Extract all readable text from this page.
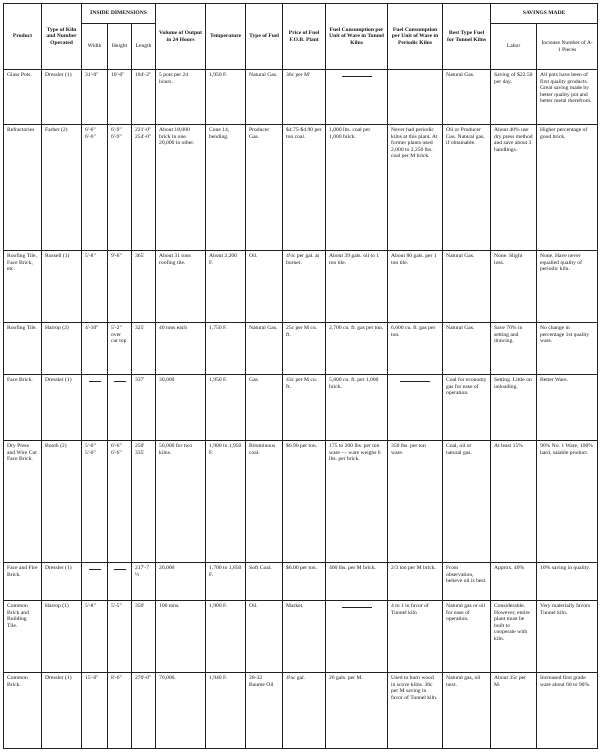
Product	Type of Kiln and Number Operated	INSIDE DIMENSIONS			Volume of Output in 24 Hours	Temperature	Type of Fuel	Price of Fuel F.O.B. Plant	Fuel Consumption per Unit of Ware in Tunnel Kilns	Fuel Consumption per Unit of Ware in Periodic Kilns	Best Type Fuel for Tunnel Kilns	SAVINGS MADE	
		Width	Height	Length								Labor	Increase Number of A-1 Pieces
Glass Pots.	Dressler (1)	31'-0"	10'-0"	184'-2"	5 pots per 24 hours.	1,950 F.	Natural Gas.	36c per M'			Natural Gas.	Saving of $22.50 per day.	All pots have been of first quality products. Great saving made by better quality pot and better metal therefrom.
Refractories	Farber (2)	6'-6" 6'-6"	6'-9" 6'-9"	221'-0" 254'-0"	About 18,000 brick in one. 20,000 in other.	Cone 14, bending.	Producer Gas.	$4.75-$4.90 per ton coal.	1,000 lbs. coal per 1,000 brick.	Never had periodic kilns at this plant. At former plants used 2,000 to 2,250 lbs. coal per M brick.	Oil or Producer Gas. Natural gas, if obtainable.	About 40% use dry press method and save about 3 handlings.	Higher percentage of good brick.
Roofing Tile, Face Brick, etc.	Russell (1)	5'-8"	9'-6"	365'	About 31 tons roofing tile.	About 2,200 F.	Oil.	4½c per gal. at burner.	About 39 gals. oil to 1 ton tile.	About 80 gals. per 1 ton tile.	Natural Gas.	None. Slight loss.	None. Have never equalled quality of periodic kiln.
Roofing Tile.	Harrop (2)	4'-10"	5'-2" over car top	325'	40 tons each	1,750 F.	Natural Gas.	25c per M cu. ft.	2,700 cu. ft. gas per ton.	6,600 cu. ft. gas per ton.	Natural Gas.	Save 70% in setting and drawing.	No change in percentage 1st quality ware.
Face Brick.	Dressler (1)			337'	30,000	1,950 F.	Gas.	43c per M cu. ft.	5,800 cu. ft. per 1,000 brick.		Coal for economy gas for ease of operation.	Setting. Little on unloading.	Better Ware.
Dry Press and Wire Cut Face Brick.	Booth (2)	5'-0" 5'-0"	6'-6" 6'-6"	250' 335'	50,000 for two kilns.	1,900 to 1,950 F.	Bituminous coal.	$6.90 per ton.	175 to 200 lbs. per ton ware — ware weighs 6 lbs. per brick.	350 lbs. per ton ware.	Coal, oil or natural gas.	At least 15%	90% No. 1 Ware, 100% hard, salable product.
Face and Fire Brick.	Dressler (1)			217'-7½	20,000	1,700 to 1,850 F.	Soft Coal.	$6.00 per ton.	400 lbs. per M brick.	2/3 ton per M brick.	From observation, believe oil is best.	Approx. 40%	10% saving in quality.
Common Brick and Building Tile.	Harrop (1)	5'-8"	5'-5"	350'	100 tons.	1,900 F.	Oil.	Market.		4 to 1 in favor of Tunnel kiln	Natural gas or oil for ease of operation.	Considerable. However, entire plant must be built to cooperate with kiln.	Very materially favors Tunnel kiln.
Common Brick.	Dressler (1)	15'-0"	8'-6"	270'-0"	70,000.	1,940 F.	28-32 Baume Oil	4¼c gal.	26 gals. per M.	Used to burn wood in scove kilns. 36c per M saving in favor of Tunnel kiln.	Natural gas, oil next.	About 35c per M.	Increased first grade ware about 60 to 90%.
